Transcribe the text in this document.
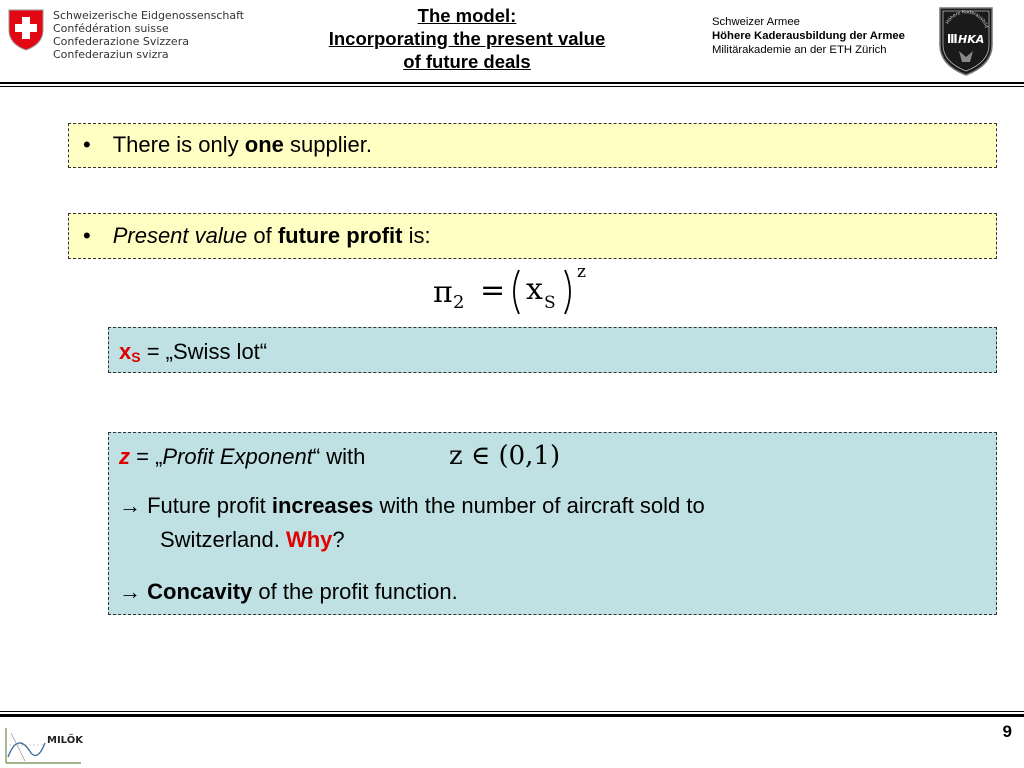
Schweizerische Eidgenossenschaft
Confédération suisse
Confederazione Svizzera
Confederaziun svizra
The model:
Incorporating the present value
of future deals
Schweizer Armee
Höhere Kaderausbildung der Armee
Militärakademie an der ETH Zürich
Höhere Kaderausbild
HKA
• There is only one supplier.
• Present value of future profit is:
π 2 = x S
z
xS = „Swiss lot“
z = „Profit Exponent“ with	z ∈ (0,1)
→ Future profit increases with the number of aircraft sold to
Switzerland. Why?
→ Concavity of the profit function.
MILÖK	9
